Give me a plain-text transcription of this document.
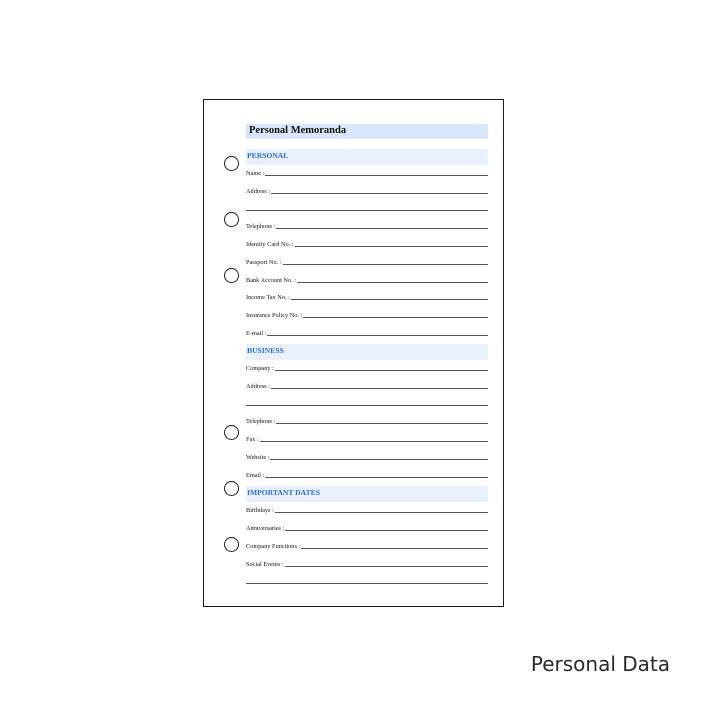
Personal Memoranda
PERSONAL
Name :
Address :
Telephone :
Identity Card No. :
Passport No. :
Bank Account No. :
Income Tax No. :
Insurance Policy No. :
E-mail :
BUSINESS
Company :
Address :
Telephone :
Fax :
Website :
Email :
IMPORTANT DATES
Birthdays :
Anniversaries :
Company Functions :
Social Events :
Personal Data
